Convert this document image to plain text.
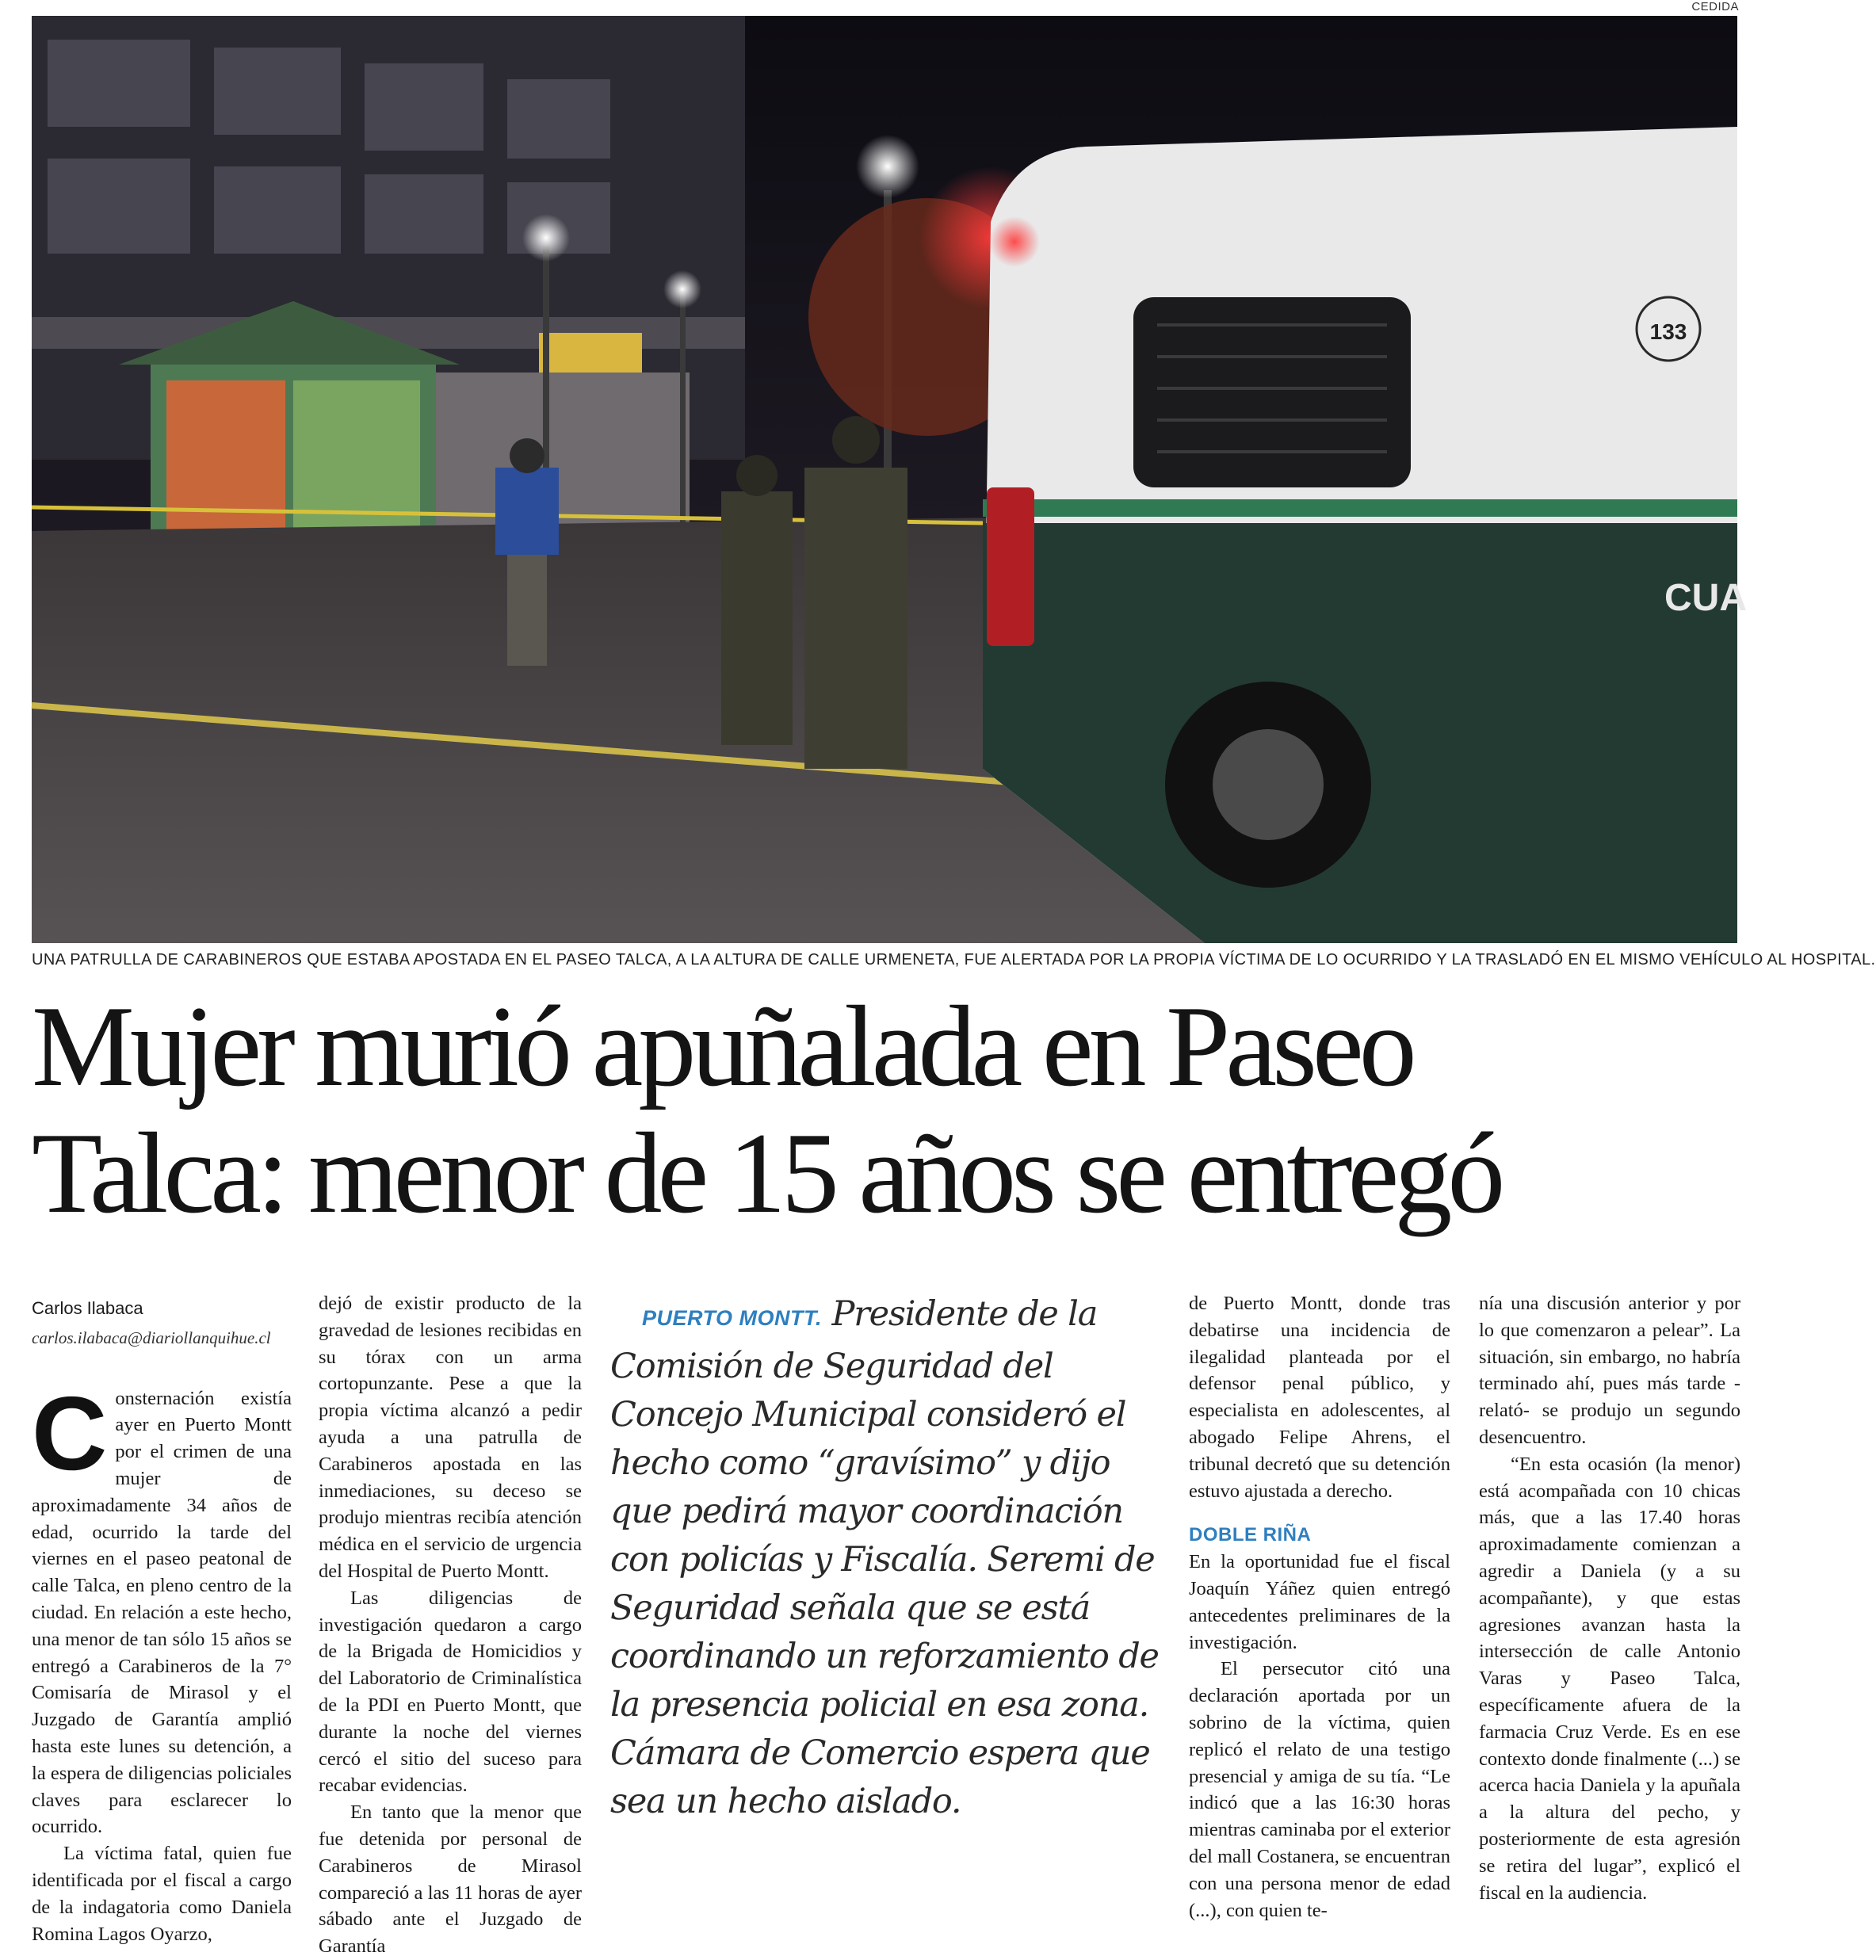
CEDIDA
133
CUA
UNA PATRULLA DE CARABINEROS QUE ESTABA APOSTADA EN EL PASEO TALCA, A LA ALTURA DE CALLE URMENETA, FUE ALERTADA POR LA PROPIA VÍCTIMA DE LO OCURRIDO Y LA TRASLADÓ EN EL MISMO VEHÍCULO AL HOSPITAL.
Mujer murió apuñalada en Paseo
Talca: menor de 15 años se entregó
Carlos Ilabaca
carlos.ilabaca@diariollanquihue.cl

Consternación existía ayer en Puerto Montt por el crimen de una mujer de aproximadamente 34 años de edad, ocurrido la tarde del viernes en el paseo peatonal de calle Talca, en pleno centro de la ciudad. En relación a este hecho, una menor de tan sólo 15 años se entregó a Carabineros de la 7° Comisaría de Mirasol y el Juzgado de Garantía amplió hasta este lunes su detención, a la espera de diligencias policiales claves para esclarecer lo ocurrido.

La víctima fatal, quien fue identificada por el fiscal a cargo de la indagatoria como Daniela Romina Lagos Oyarzo,

dejó de existir producto de la gravedad de lesiones recibidas en su tórax con un arma cortopunzante. Pese a que la propia víctima alcanzó a pedir ayuda a una patrulla de Carabineros apostada en las inmediaciones, su deceso se produjo mientras recibía atención médica en el servicio de urgencia del Hospital de Puerto Montt.

Las diligencias de investigación quedaron a cargo de la Brigada de Homicidios y del Laboratorio de Criminalística de la PDI en Puerto Montt, que durante la noche del viernes cercó el sitio del suceso para recabar evidencias.

En tanto que la menor que fue detenida por personal de Carabineros de Mirasol compareció a las 11 horas de ayer sábado ante el Juzgado de Garantía

PUERTO MONTT. Presidente de la Comisión de Seguridad del Concejo Municipal consideró el hecho como “gravísimo” y dijo que pedirá mayor coordinación con policías y Fiscalía. Seremi de Seguridad señala que se está coordinando un reforzamiento de la presencia policial en esa zona. Cámara de Comercio espera que sea un hecho aislado.

de Puerto Montt, donde tras debatirse una incidencia de ilegalidad planteada por el defensor penal público, y especialista en adolescentes, al abogado Felipe Ahrens, el tribunal decretó que su detención estuvo ajustada a derecho.

DOBLE RIÑA

En la oportunidad fue el fiscal Joaquín Yáñez quien entregó antecedentes preliminares de la investigación.

El persecutor citó una declaración aportada por un sobrino de la víctima, quien replicó el relato de una testigo presencial y amiga de su tía. “Le indicó que a las 16:30 horas mientras caminaba por el exterior del mall Costanera, se encuentran con una persona menor de edad (...), con quien te-

nía una discusión anterior y por lo que comenzaron a pelear”. La situación, sin embargo, no habría terminado ahí, pues más tarde -relató- se produjo un segundo desencuentro.

“En esta ocasión (la menor) está acompañada con 10 chicas más, que a las 17.40 horas aproximadamente comienzan a agredir a Daniela (y a su acompañante), y que estas agresiones avanzan hasta la intersección de calle Antonio Varas y Paseo Talca, específicamente afuera de la farmacia Cruz Verde. Es en ese contexto donde finalmente (...) se acerca hacia Daniela y la apuñala a la altura del pecho, y posteriormente de esta agresión se retira del lugar”, explicó el fiscal en la audiencia.
